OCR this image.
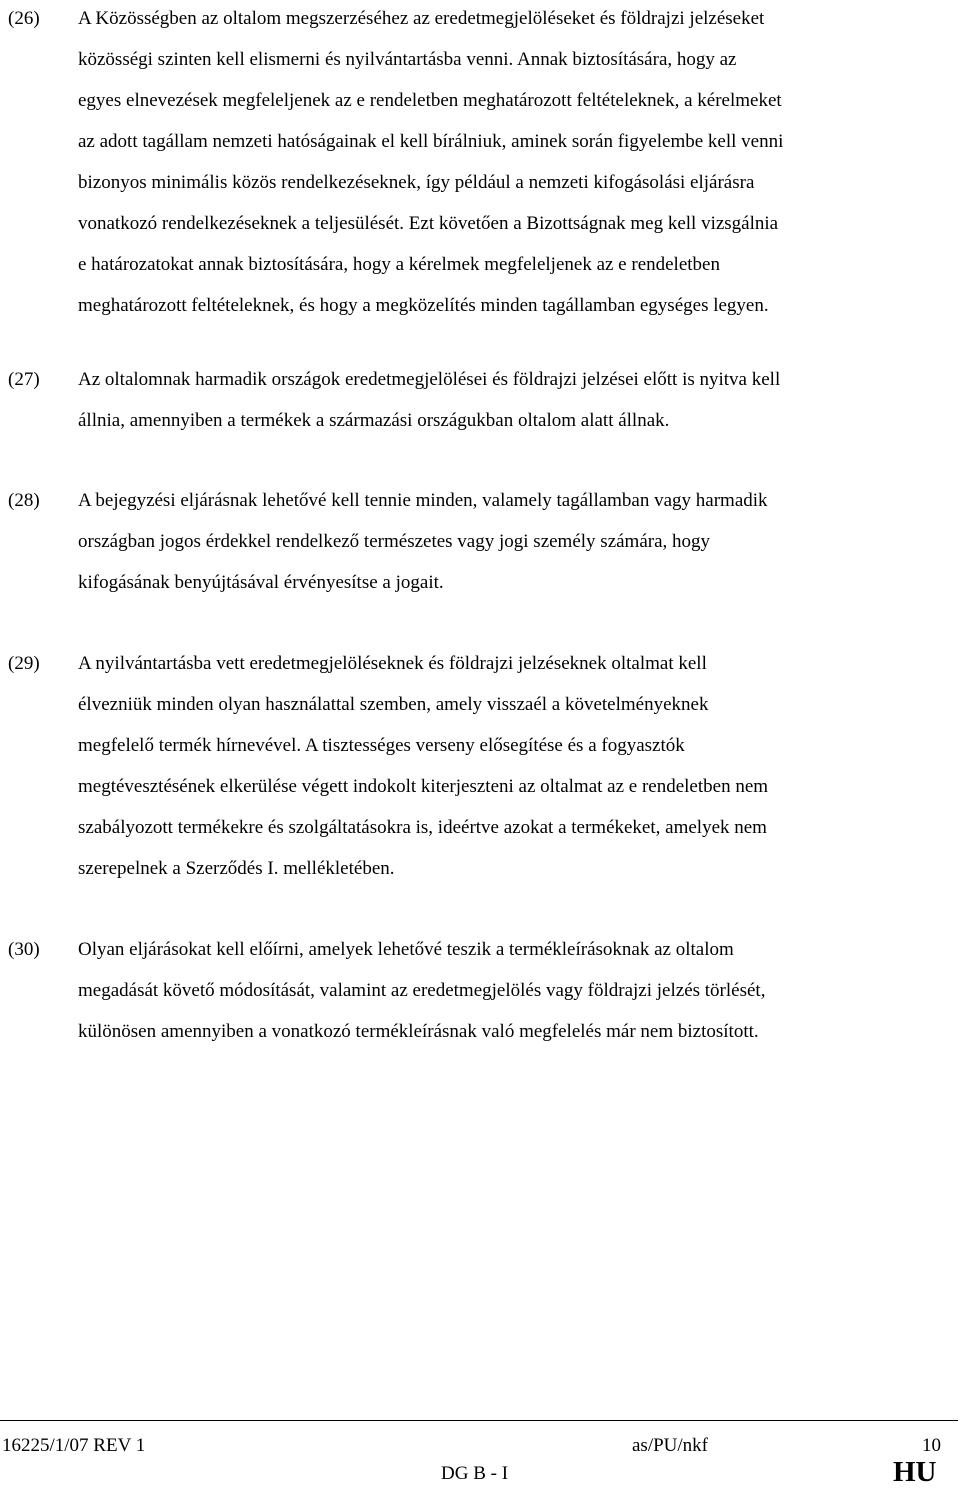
(26) A Közösségben az oltalom megszerzéséhez az eredetmegjelöléseket és földrajzi jelzéseket
közösségi szinten kell elismerni és nyilvántartásba venni. Annak biztosítására, hogy az
egyes elnevezések megfeleljenek az e rendeletben meghatározott feltételeknek, a kérelmeket
az adott tagállam nemzeti hatóságainak el kell bírálniuk, aminek során figyelembe kell venni
bizonyos minimális közös rendelkezéseknek, így például a nemzeti kifogásolási eljárásra
vonatkozó rendelkezéseknek a teljesülését. Ezt követően a Bizottságnak meg kell vizsgálnia
e határozatokat annak biztosítására, hogy a kérelmek megfeleljenek az e rendeletben
meghatározott feltételeknek, és hogy a megközelítés minden tagállamban egységes legyen.
(27) Az oltalomnak harmadik országok eredetmegjelölései és földrajzi jelzései előtt is nyitva kell
állnia, amennyiben a termékek a származási országukban oltalom alatt állnak.
(28) A bejegyzési eljárásnak lehetővé kell tennie minden, valamely tagállamban vagy harmadik
országban jogos érdekkel rendelkező természetes vagy jogi személy számára, hogy
kifogásának benyújtásával érvényesítse a jogait.
(29) A nyilvántartásba vett eredetmegjelöléseknek és földrajzi jelzéseknek oltalmat kell
élvezniük minden olyan használattal szemben, amely visszaél a követelményeknek
megfelelő termék hírnevével. A tisztességes verseny elősegítése és a fogyasztók
megtévesztésének elkerülése végett indokolt kiterjeszteni az oltalmat az e rendeletben nem
szabályozott termékekre és szolgáltatásokra is, ideértve azokat a termékeket, amelyek nem
szerepelnek a Szerződés I. mellékletében.
(30) Olyan eljárásokat kell előírni, amelyek lehetővé teszik a termékleírásoknak az oltalom
megadását követő módosítását, valamint az eredetmegjelölés vagy földrajzi jelzés törlését,
különösen amennyiben a vonatkozó termékleírásnak való megfelelés már nem biztosított.
16225/1/07 REV 1	as/PU/nkf	10
DG B - I	HU
